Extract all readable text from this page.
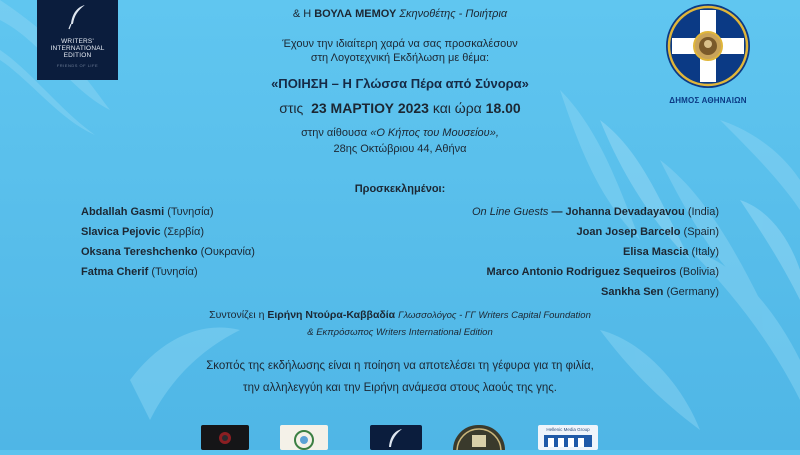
WRITERS'
INTERNATIONAL
EDITION
FRIENDS OF LIFE
ΔΗΜΟΣ ΑΘΗΝΑΙΩΝ
& Η ΒΟΥΛΑ ΜΕΜΟΥ Σκηνοθέτης - Ποιήτρια
Έχουν την ιδιαίτερη χαρά να σας προσκαλέσουν
στη Λογοτεχνική Εκδήλωση με θέμα:
«ΠΟΙΗΣΗ – Η Γλώσσα Πέρα από Σύνορα»
στις 23 ΜΑΡΤΙΟΥ 2023 και ώρα 18.00
στην αίθουσα «Ο Κήπος του Μουσείου»,
28ης Οκτώβριου 44, Αθήνα
Προσκεκλημένοι:
Abdallah Gasmi (Τυνησία)
Slavica Pejovic (Σερβία)
Oksana Tereshchenko (Ουκρανία)
Fatma Cherif (Τυνησία)
On Line Guests — Johanna Devadayavou (India)
Joan Josep Barcelo (Spain)
Elisa Mascia (Italy)
Marco Antonio Rodriguez Sequeiros (Bolivia)
Sankha Sen (Germany)
Συντονίζει η Ειρήνη Ντούρα-Καββαδία Γλωσσολόγος - ΓΓ Writers Capital Foundation
& Εκπρόσωπος Writers International Edition
Σκοπός της εκδήλωσης είναι η ποίηση να αποτελέσει τη γέφυρα για τη φιλία,
την αλληλεγγύη και την Ειρήνη ανάμεσα στους λαούς της γης.
Hellenic Media Group
